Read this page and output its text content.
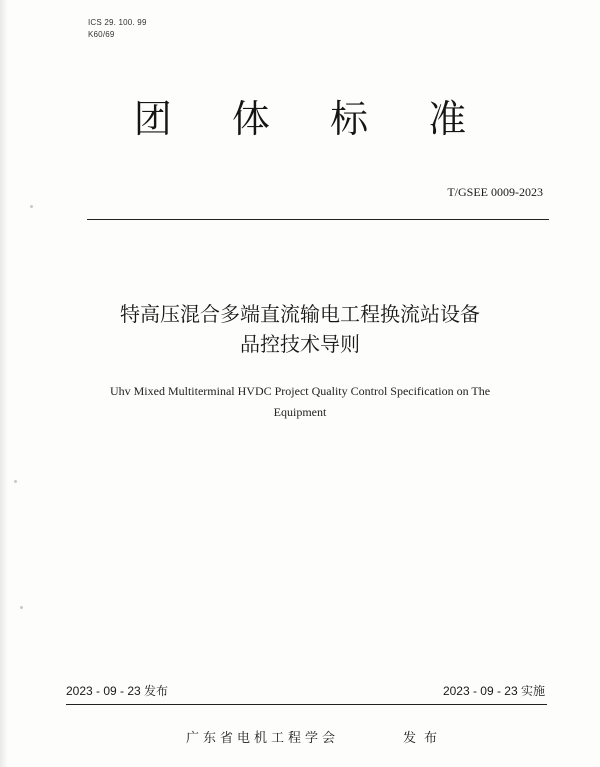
ICS 29. 100. 99
K60/69
团 体 标 准
T/GSEE 0009-2023
特高压混合多端直流输电工程换流站设备
品控技术导则
Uhv Mixed Multiterminal HVDC Project Quality Control Specification on The
Equipment
2023 - 09 - 23 发布	2023 - 09 - 23 实施
广东省电机工程学会	发布
